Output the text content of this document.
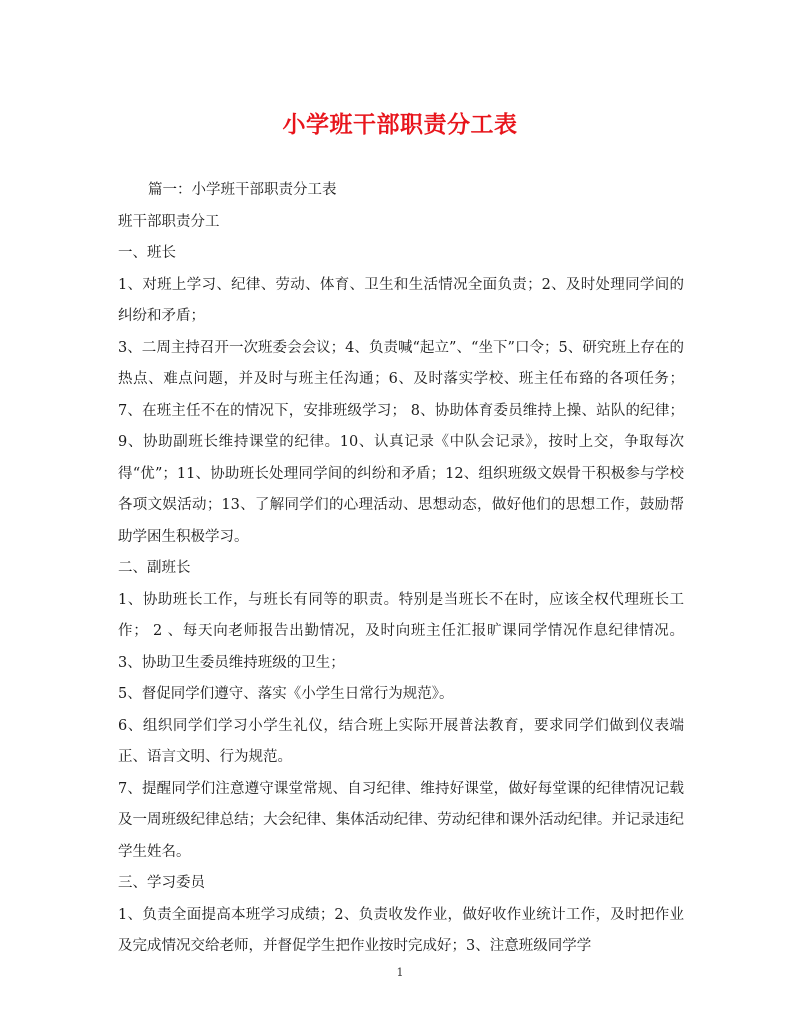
小学班干部职责分工表

篇一：小学班干部职责分工表

班干部职责分工

一、班长

1、对班上学习、纪律、劳动、体育、卫生和生活情况全面负责；2、及时处理同学间的纠纷和矛盾；

3、二周主持召开一次班委会会议；4、负责喊“起立”、“坐下”口令；5、研究班上存在的热点、难点问题，并及时与班主任沟通；6、及时落实学校、班主任布臵的各项任务； 7、在班主任不在的情况下，安排班级学习； 8、协助体育委员维持上操、站队的纪律； 9、协助副班长维持课堂的纪律。10、认真记录《中队会记录》，按时上交，争取每次得“优”；11、协助班长处理同学间的纠纷和矛盾；12、组织班级文娱骨干积极参与学校各项文娱活动；13、了解同学们的心理活动、思想动态，做好他们的思想工作，鼓励帮助学困生积极学习。

二、副班长

1、协助班长工作，与班长有同等的职责。特别是当班长不在时，应该全权代理班长工作； 2 、每天向老师报告出勤情况，及时向班主任汇报旷课同学情况作息纪律情况。 3、协助卫生委员维持班级的卫生；

5、督促同学们遵守、落实《小学生日常行为规范》。

6、组织同学们学习小学生礼仪，结合班上实际开展普法教育，要求同学们做到仪表端正、语言文明、行为规范。

7、提醒同学们注意遵守课堂常规、自习纪律、维持好课堂，做好每堂课的纪律情况记载及一周班级纪律总结；大会纪律、集体活动纪律、劳动纪律和课外活动纪律。并记录违纪学生姓名。

三、学习委员

1、负责全面提高本班学习成绩；2、负责收发作业，做好收作业统计工作，及时把作业及完成情况交给老师，并督促学生把作业按时完成好；3、注意班级同学学

1
